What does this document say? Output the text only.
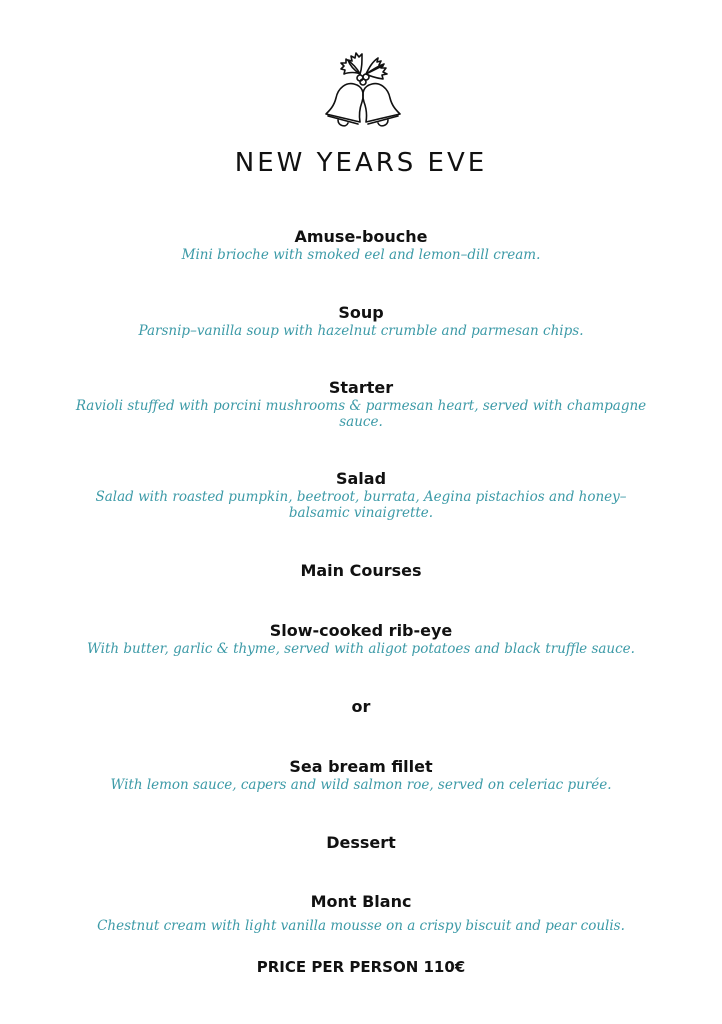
NEW YEARS EVE
Amuse-bouche
Mini brioche with smoked eel and lemon–dill cream.
Soup
Parsnip–vanilla soup with hazelnut crumble and parmesan chips.
Starter
Ravioli stuffed with porcini mushrooms & parmesan heart, served with champagne sauce.
Salad
Salad with roasted pumpkin, beetroot, burrata, Aegina pistachios and honey–balsamic vinaigrette.
Main Courses
Slow-cooked rib-eye
With butter, garlic & thyme, served with aligot potatoes and black truffle sauce.
or
Sea bream fillet
With lemon sauce, capers and wild salmon roe, served on celeriac purée.
Dessert
Mont Blanc
Chestnut cream with light vanilla mousse on a crispy biscuit and pear coulis.
PRICE PER PERSON 110€
